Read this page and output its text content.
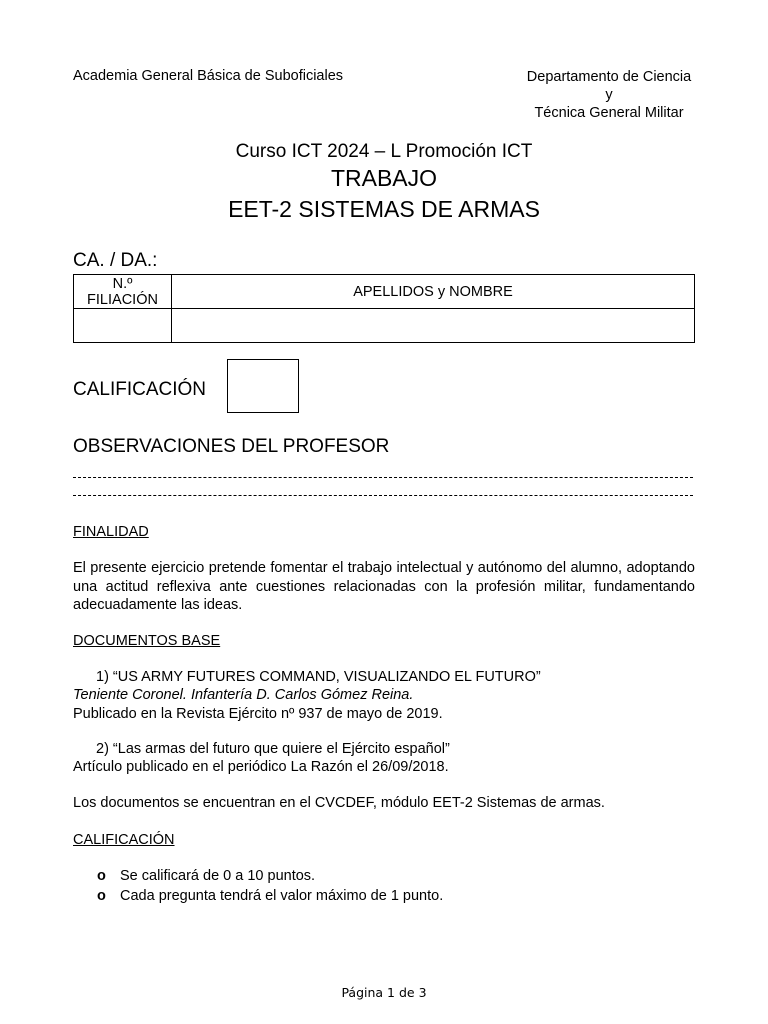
Academia General Básica de Suboficiales	Departamento de Ciencia
y
Técnica General Militar
Curso ICT 2024 – L Promoción ICT
TRABAJO
EET-2 SISTEMAS DE ARMAS
CA. / DA.:
N.º
FILIACIÓN	APELLIDOS y NOMBRE

CALIFICACIÓN
OBSERVACIONES DEL PROFESOR
FINALIDAD
El presente ejercicio pretende fomentar el trabajo intelectual y autónomo del alumno, adoptando una actitud reflexiva ante cuestiones relacionadas con la profesión militar, fundamentando adecuadamente las ideas.
DOCUMENTOS BASE
1) “US ARMY FUTURES COMMAND, VISUALIZANDO EL FUTURO”
Teniente Coronel. Infantería D. Carlos Gómez Reina.
Publicado en la Revista Ejército nº 937 de mayo de 2019.
2) “Las armas del futuro que quiere el Ejército español”
Artículo publicado en el periódico La Razón el 26/09/2018.
Los documentos se encuentran en el CVCDEF, módulo EET-2 Sistemas de armas.
CALIFICACIÓN
o Se calificará de 0 a 10 puntos.
o Cada pregunta tendrá el valor máximo de 1 punto.
Página 1 de 3
